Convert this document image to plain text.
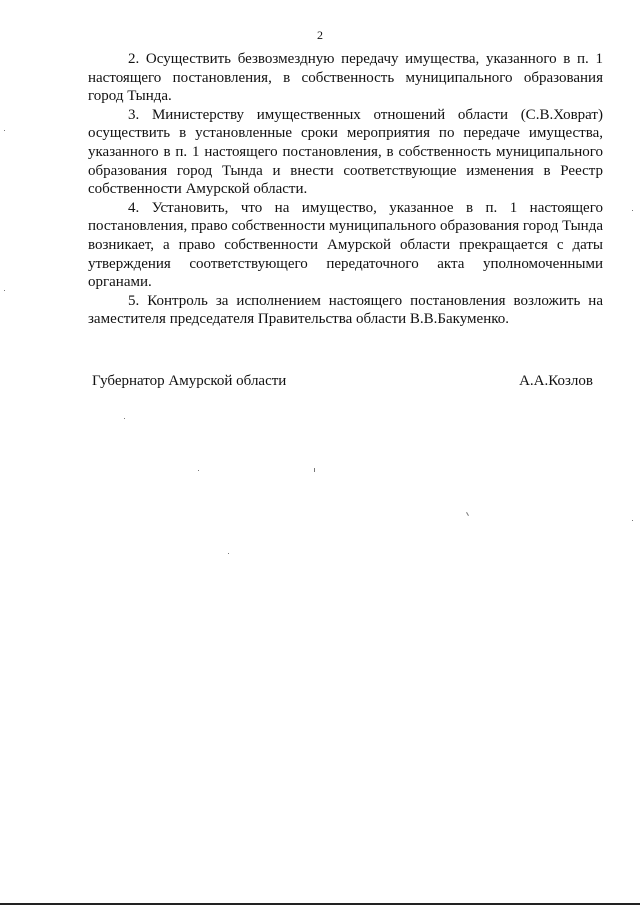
2

2. Осуществить безвозмездную передачу имущества, указанного в п. 1 настоящего постановления, в собственность муниципального образования город Тында.

3. Министерству имущественных отношений области (С.В.Ховрат) осуществить в установленные сроки мероприятия по передаче имущества, указанного в п. 1 настоящего постановления, в собственность муниципального образования город Тында и внести соответствующие изменения в Реестр собственности Амурской области.

4. Установить, что на имущество, указанное в п. 1 настоящего постановления, право собственности муниципального образования город Тында возникает, а право собственности Амурской области прекращается с даты утверждения соответствующего передаточного акта уполномоченными органами.

5. Контроль за исполнением настоящего постановления возложить на заместителя председателя Правительства области В.В.Бакуменко.

Губернатор Амурской области	А.А.Козлов
